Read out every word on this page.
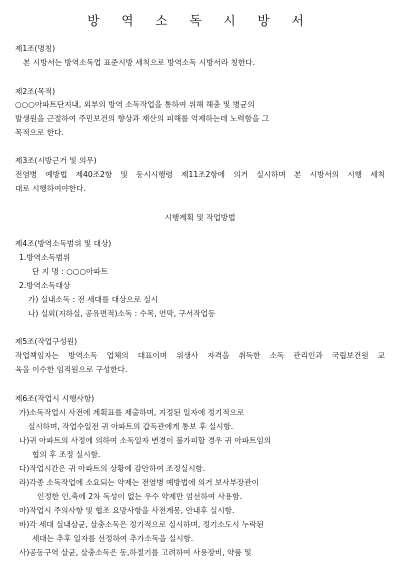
방 역 소 독 시 방 서
제1조(명칭)
본 시방서는 방역소독업 표준시방 세칙으로 방역소독 시방서라 칭한다.
제2조(목적)
○○○아파트단지내, 외부의 방역 소독작업을 통하여 위해 해충 및 병균의
발생원을 근절하여 주민보건의 향상과 재산의 피해를 억제하는데 노력함을 그
목적으로 한다.
제3조(시방근거 및 의무)
전염병 예방법 제40조2항 및 동시시행령 제11조2항에 의거 실시하며 본 시방서의 시행 세칙
대로 시행하여야한다.
시행계획 및 작업방법
제4조(방역소독범위 및 대상)
1.방역소독범위
단 지 명 : ○○○아파트
2.방역소독대상
가) 실내소독 : 전 세대를 대상으로 실시
나) 실외(지하실, 공유면적)소독 : 수목, 연막, 구서작업등
제5조(작업구성원)
작업책임자는 방역소독 업체의 대표이며 위생사 자격을 취득한 소독 관리인과 국립보건원 교
육을 이수한 임직원으로 구성한다.
제6조(작업시 시행사항)
가)소독작업시 사전에 계획표를 제출하며, 지정된 일자에 정기적으로
실시하며, 작업수일전 귀 아파트의 갑독관에게 통보 후 실시함.
나)귀 아파트의 사정에 의하여 소독일자 변경이 불가피할 경우 귀 아파트임의
협의 후 조정 실시함.
다)작업시간은 귀 아파트의 상황에 감안하여 조정실시함.
라)각종 소독작업에 소요되는 약제는 전염병 예방법에 의거 보사부장관이
인정한 인,축에 2차 독성이 없는 우수 약제만 엄선하여 사용함.
마)작업시 주의사항 및 협조 요망사항을 사전계몽, 안내후 실시함.
바)각 세대 실내살균, 살충소독은 정기적으로 실시하며, 정기소도시 누락된
세대는 추후 일자를 선정하여 추가소독을 실시함.
사)공동구역 살균, 살충소독은 동,하절기를 고려하여 사용장비, 약품 및
